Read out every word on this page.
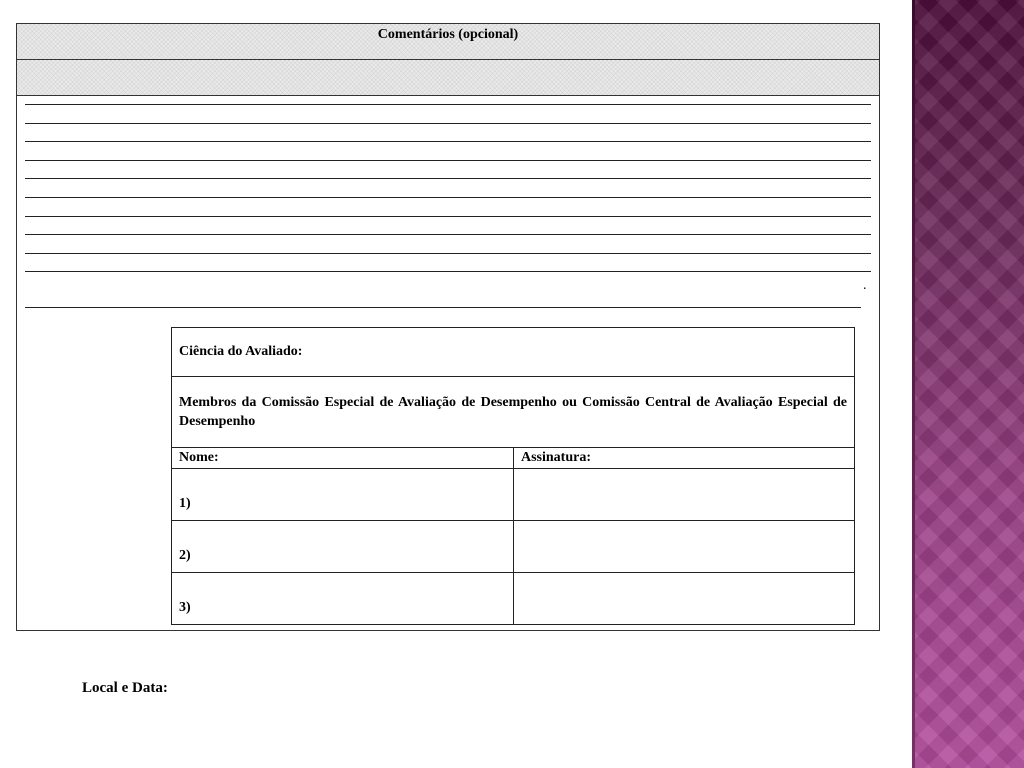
Comentários (opcional)
.
Ciência do Avaliado:	
Membros da Comissão Especial de Avaliação de Desempenho ou Comissão Central de Avaliação Especial de Desempenho	
Nome:	Assinatura:
1)	
2)	
3)	
Local e Data:
